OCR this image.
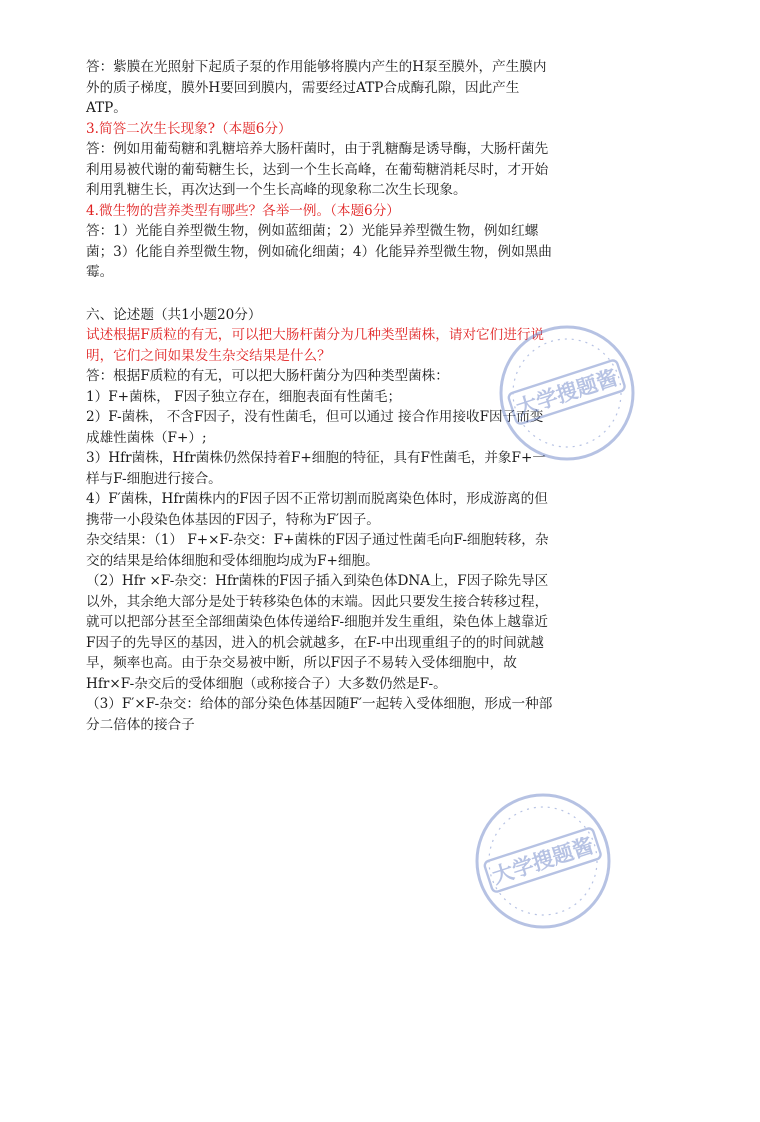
答：紫膜在光照射下起质子泵的作用能够将膜内产生的H泵至膜外，产生膜内外的质子梯度，膜外H要回到膜内，需要经过ATP合成酶孔隙，因此产生ATP。

3.简答二次生长现象?（本题6分）

答：例如用葡萄糖和乳糖培养大肠杆菌时，由于乳糖酶是诱导酶，大肠杆菌先利用易被代谢的葡萄糖生长，达到一个生长高峰，在葡萄糖消耗尽时，才开始利用乳糖生长，再次达到一个生长高峰的现象称二次生长现象。

4.微生物的营养类型有哪些？各举一例。（本题6分）

答：1）光能自养型微生物，例如蓝细菌；2）光能异养型微生物，例如红螺菌；3）化能自养型微生物，例如硫化细菌；4）化能异养型微生物，例如黑曲霉。

六、论述题（共1小题20分）

试述根据F质粒的有无，可以把大肠杆菌分为几种类型菌株，请对它们进行说明，它们之间如果发生杂交结果是什么？

答：根据F质粒的有无，可以把大肠杆菌分为四种类型菌株：

1）F+菌株， F因子独立存在，细胞表面有性菌毛；

2）F-菌株， 不含F因子，没有性菌毛，但可以通过 接合作用接收F因子而变成雄性菌株（F+）;

3）Hfr菌株，Hfr菌株仍然保持着F+细胞的特征，具有F性菌毛，并象F+一样与F-细胞进行接合。

4）F′菌株，Hfr菌株内的F因子因不正常切割而脱离染色体时，形成游离的但携带一小段染色体基因的F因子，特称为F′因子。

杂交结果：（1） F+×F-杂交：F+菌株的F因子通过性菌毛向F-细胞转移，杂交的结果是给体细胞和受体细胞均成为F+细胞。

（2）Hfr ×F-杂交：Hfr菌株的F因子插入到染色体DNA上，F因子除先导区以外，其余绝大部分是处于转移染色体的末端。因此只要发生接合转移过程，就可以把部分甚至全部细菌染色体传递给F-细胞并发生重组，染色体上越靠近F因子的先导区的基因，进入的机会就越多，在F-中出现重组子的的时间就越早，频率也高。由于杂交易被中断，所以F因子不易转入受体细胞中，故Hfr×F-杂交后的受体细胞（或称接合子）大多数仍然是F-。

（3）F′×F-杂交：给体的部分染色体基因随F′一起转入受体细胞，形成一种部分二倍体的接合子

大学搜题酱
大学搜题酱
